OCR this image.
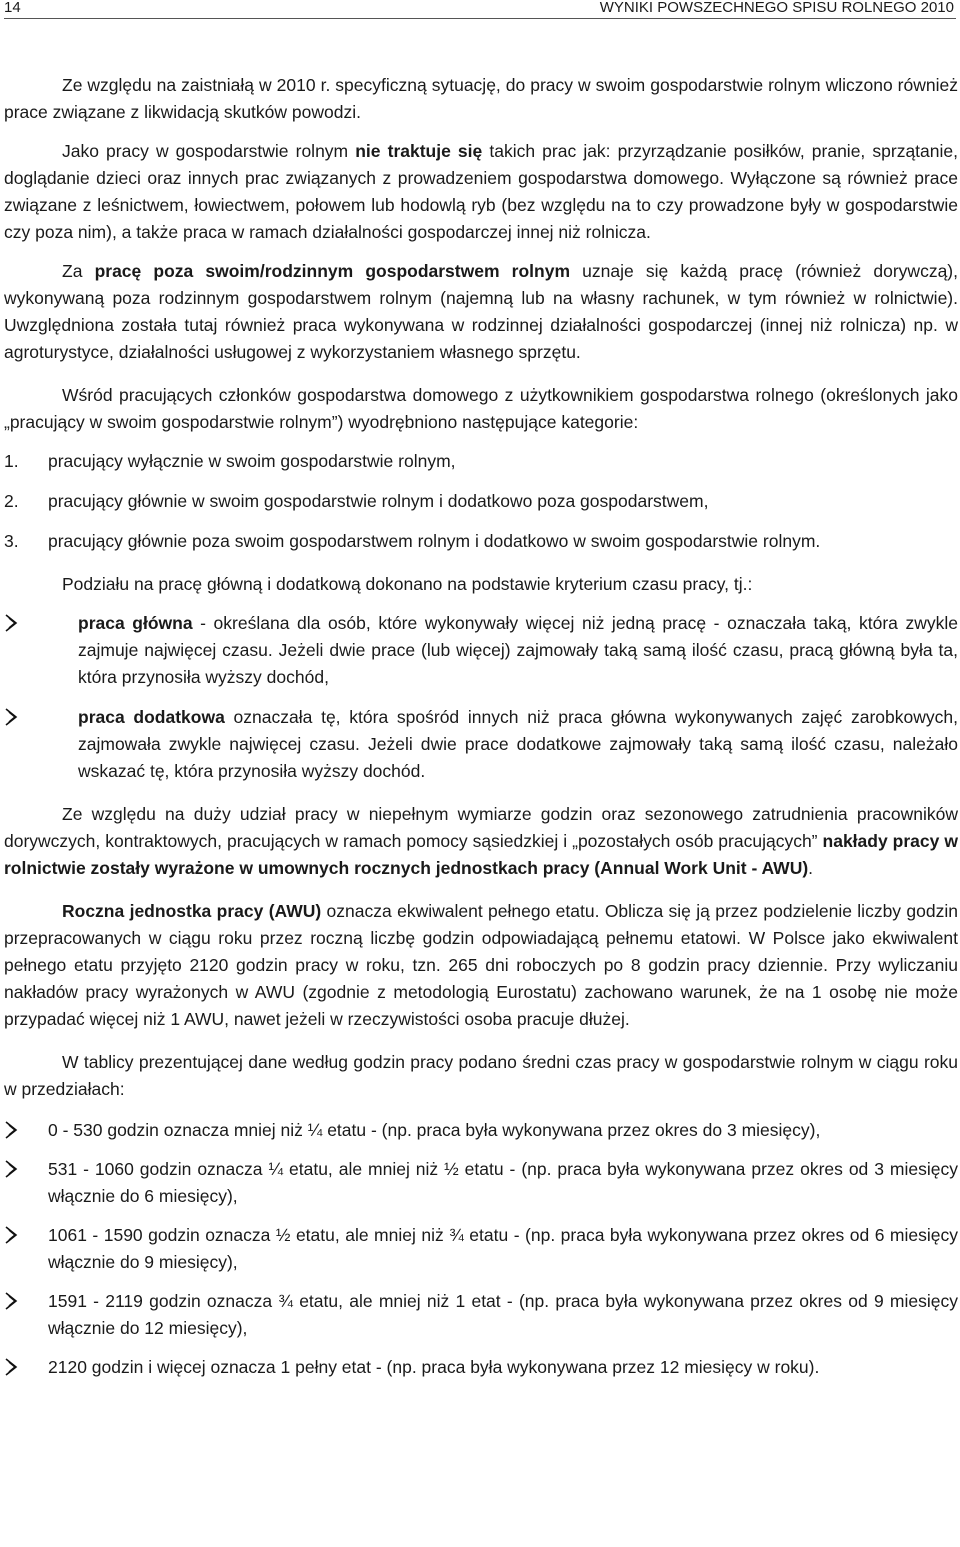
14	WYNIKI POWSZECHNEGO SPISU ROLNEGO 2010

Ze względu na zaistniałą w 2010 r. specyficzną sytuację, do pracy w swoim gospodarstwie rolnym wliczono również prace związane z likwidacją skutków powodzi.

Jako pracy w gospodarstwie rolnym nie traktuje się takich prac jak: przyrządzanie posiłków, pranie, sprzątanie, doglądanie dzieci oraz innych prac związanych z prowadzeniem gospodarstwa domowego. Wyłączone są również prace związane z leśnictwem, łowiectwem, połowem lub hodowlą ryb (bez względu na to czy prowadzone były w gospodarstwie czy poza nim), a także praca w ramach działalności gospodarczej innej niż rolnicza.

Za pracę poza swoim/rodzinnym gospodarstwem rolnym uznaje się każdą pracę (również dorywczą), wykonywaną poza rodzinnym gospodarstwem rolnym (najemną lub na własny rachunek, w tym również w rolnictwie). Uwzględniona została tutaj również praca wykonywana w rodzinnej działalności gospodarczej (innej niż rolnicza) np. w agroturystyce, działalności usługowej z wykorzystaniem własnego sprzętu.

Wśród pracujących członków gospodarstwa domowego z użytkownikiem gospodarstwa rolnego (określonych jako „pracujący w swoim gospodarstwie rolnym”) wyodrębniono następujące kategorie:

1. pracujący wyłącznie w swoim gospodarstwie rolnym,
2. pracujący głównie w swoim gospodarstwie rolnym i dodatkowo poza gospodarstwem,
3. pracujący głównie poza swoim gospodarstwem rolnym i dodatkowo w swoim gospodarstwie rolnym.

Podziału na pracę główną i dodatkową dokonano na podstawie kryterium czasu pracy, tj.:

praca główna - określana dla osób, które wykonywały więcej niż jedną pracę - oznaczała taką, która zwykle zajmuje najwięcej czasu. Jeżeli dwie prace (lub więcej) zajmowały taką samą ilość czasu, pracą główną była ta, która przynosiła wyższy dochód,
praca dodatkowa oznaczała tę, która spośród innych niż praca główna wykonywanych zajęć zarobkowych, zajmowała zwykle najwięcej czasu. Jeżeli dwie prace dodatkowe zajmowały taką samą ilość czasu, należało wskazać tę, która przynosiła wyższy dochód.

Ze względu na duży udział pracy w niepełnym wymiarze godzin oraz sezonowego zatrudnienia pracowników dorywczych, kontraktowych, pracujących w ramach pomocy sąsiedzkiej i „pozostałych osób pracujących” nakłady pracy w rolnictwie zostały wyrażone w umownych rocznych jednostkach pracy (Annual Work Unit - AWU).

Roczna jednostka pracy (AWU) oznacza ekwiwalent pełnego etatu. Oblicza się ją przez podzielenie liczby godzin przepracowanych w ciągu roku przez roczną liczbę godzin odpowiadającą pełnemu etatowi. W Polsce jako ekwiwalent pełnego etatu przyjęto 2120 godzin pracy w roku, tzn. 265 dni roboczych po 8 godzin pracy dziennie. Przy wyliczaniu nakładów pracy wyrażonych w AWU (zgodnie z metodologią Eurostatu) zachowano warunek, że na 1 osobę nie może przypadać więcej niż 1 AWU, nawet jeżeli w rzeczywistości osoba pracuje dłużej.

W tablicy prezentującej dane według godzin pracy podano średni czas pracy w gospodarstwie rolnym w ciągu roku w przedziałach:

0 - 530 godzin oznacza mniej niż ¼ etatu - (np. praca była wykonywana przez okres do 3 miesięcy),
531 - 1060 godzin oznacza ¼ etatu, ale mniej niż ½ etatu - (np. praca była wykonywana przez okres od 3 miesięcy włącznie do 6 miesięcy),
1061 - 1590 godzin oznacza ½ etatu, ale mniej niż ¾ etatu - (np. praca była wykonywana przez okres od 6 miesięcy włącznie do 9 miesięcy),
1591 - 2119 godzin oznacza ¾ etatu, ale mniej niż 1 etat - (np. praca była wykonywana przez okres od 9 miesięcy włącznie do 12 miesięcy),
2120 godzin i więcej oznacza 1 pełny etat - (np. praca była wykonywana przez 12 miesięcy w roku).
